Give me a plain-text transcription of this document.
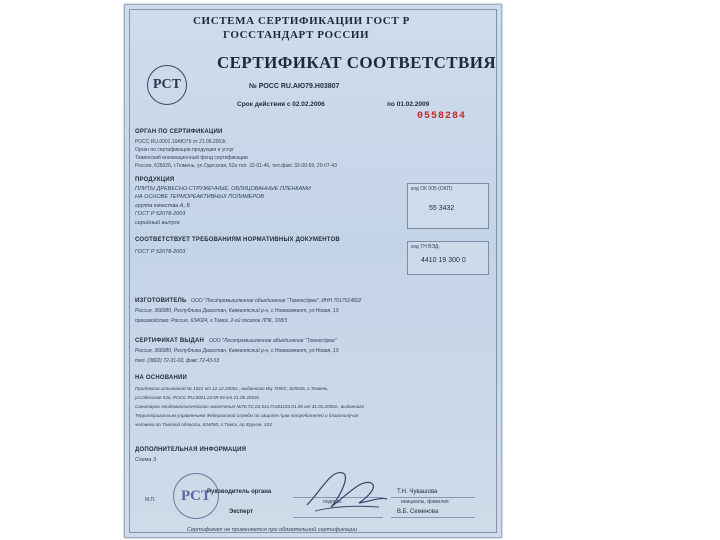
СИСТЕМА СЕРТИФИКАЦИИ ГОСТ Р
ГОССТАНДАРТ РОССИИ
PCT
СЕРТИФИКАТ СООТВЕТСТВИЯ
№ РОСС RU.АЮ79.Н03807
Срок действия с 02.02.2006	по 01.02.2009
0558284
ОРГАН ПО СЕРТИФИКАЦИИ
РОСС RU.0001.10АЮ79 от 21.06.2003г.
Орган по сертификации продукции и услуг
Тюменский инновационный фонд сертификации
Россия, 625026, г.Тюмень, ул.Одесская, 52а тел. 32-01-46, тел.факс 32-00-69, 20-07-43
ПРОДУКЦИЯ
ПЛИТЫ ДРЕВЕСНО-СТРУЖЕЧНЫЕ, ОБЛИЦОВАННЫЕ ПЛЕНКАМИ
НА ОСНОВЕ ТЕРМОРЕАКТИВНЫХ ПОЛИМЕРОВ
группа качества А, Б
ГОСТ Р 52078-2003
серийный выпуск
код ОК 005 (ОКП):
55 3432
СООТВЕТСТВУЕТ ТРЕБОВАНИЯМ НОРМАТИВНЫХ ДОКУМЕНТОВ
ГОСТ Р 52078-2003
код ТН ВЭД:
4410 19 300 0
ИЗГОТОВИТЕЛЬ ООО "Лесопромышленное объединение "Томлесдрев", ИНН 7017014822
Россия, 368380, Республика Дагестан, Каякентский р-н, с.Новокаякент, ул.Новая, 19
производство: Россия, 634024, г.Томск, 2-ой поселок ЛПК, 108/3
СЕРТИФИКАТ ВЫДАН ООО "Лесопромышленное объединение "Томлесдрев"
Россия, 368380, Республика Дагестан, Каякентский р-н, с.Новокаякент, ул.Новая, 19
тел. (3822) 72-31-02, факс 72-43-53
НА ОСНОВАНИИ
Протокола испытаний № 1021 от 12.12.2005г., выданного ИЦ ТИФС, 625026, г.Тюмень,
ул.Одесская 52а, РОСС RU.0001.21АЯ 69 от 21.06.2003г.
Санитарно-эпидемиологического заключения №70.ТС.03.541.П.001103.01.06 от 31.01.2006г., выданного
Территориальным управлением Федеральной службы по защите прав потребителей и благополучия
человека по Томской области, 634050, г.Томск, пр.Фрунзе, 103.
ДОПОЛНИТЕЛЬНАЯ ИНФОРМАЦИЯ
Схема 3
PCT
М.П.
Руководитель органа
подпись
Т.Н. Чувашова
инициалы, фамилия
Эксперт	В.Б. Семенова
Сертификат не применяется при обязательной сертификации
